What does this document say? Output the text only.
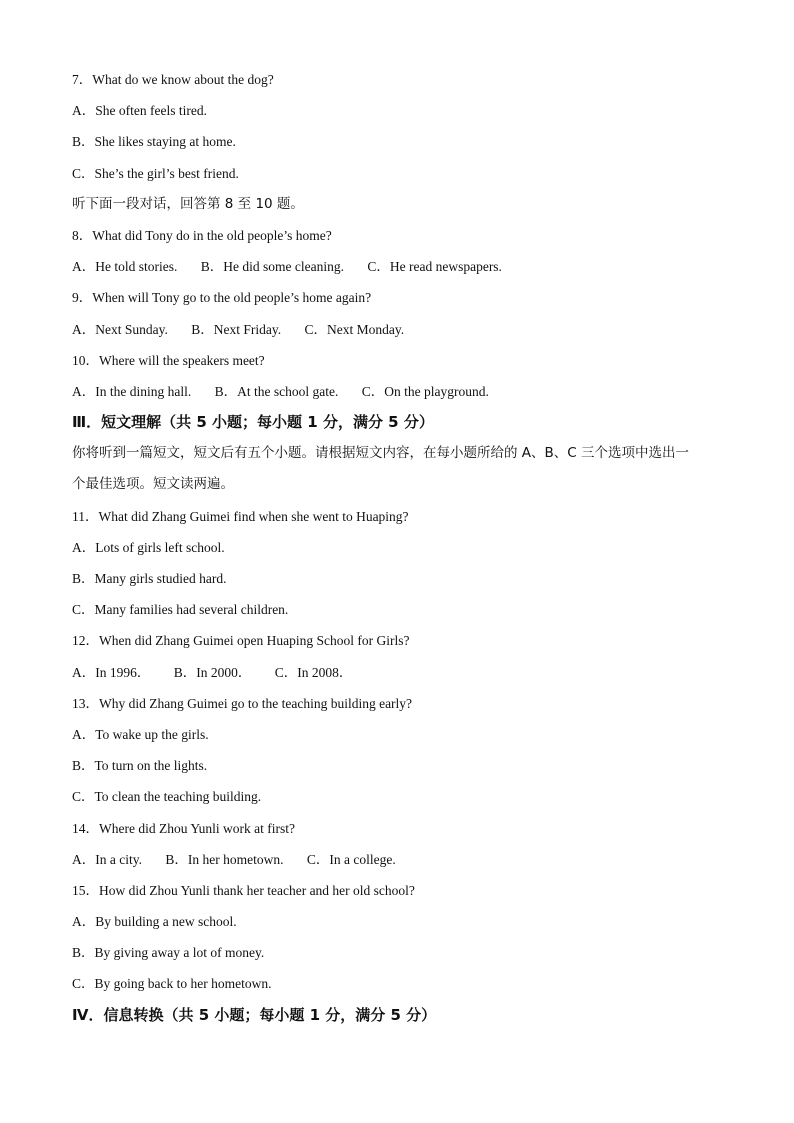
7．What do we know about the dog?
A．She often feels tired.
B．She likes staying at home.
C．She’s the girl’s best friend.
听下面一段对话，回答第 8 至 10 题。
8．What did Tony do in the old people’s home?
A．He told stories. B．He did some cleaning. C．He read newspapers.
9．When will Tony go to the old people’s home again?
A．Next Sunday. B．Next Friday. C．Next Monday.
10．Where will the speakers meet?
A．In the dining hall. B．At the school gate. C．On the playground.
Ⅲ．短文理解（共 5 小题；每小题 1 分，满分 5 分）
你将听到一篇短文，短文后有五个小题。请根据短文内容，在每小题所给的 A、B、C 三个选项中选出一
个最佳选项。短文读两遍。
11．What did Zhang Guimei find when she went to Huaping?
A．Lots of girls left school.
B．Many girls studied hard.
C．Many families had several children.
12．When did Zhang Guimei open Huaping School for Girls?
A．In 1996． B．In 2000． C．In 2008．
13．Why did Zhang Guimei go to the teaching building early?
A．To wake up the girls.
B．To turn on the lights.
C．To clean the teaching building.
14．Where did Zhou Yunli work at first?
A．In a city. B．In her hometown. C．In a college.
15．How did Zhou Yunli thank her teacher and her old school?
A．By building a new school.
B．By giving away a lot of money.
C．By going back to her hometown.
Ⅳ．信息转换（共 5 小题；每小题 1 分，满分 5 分）
